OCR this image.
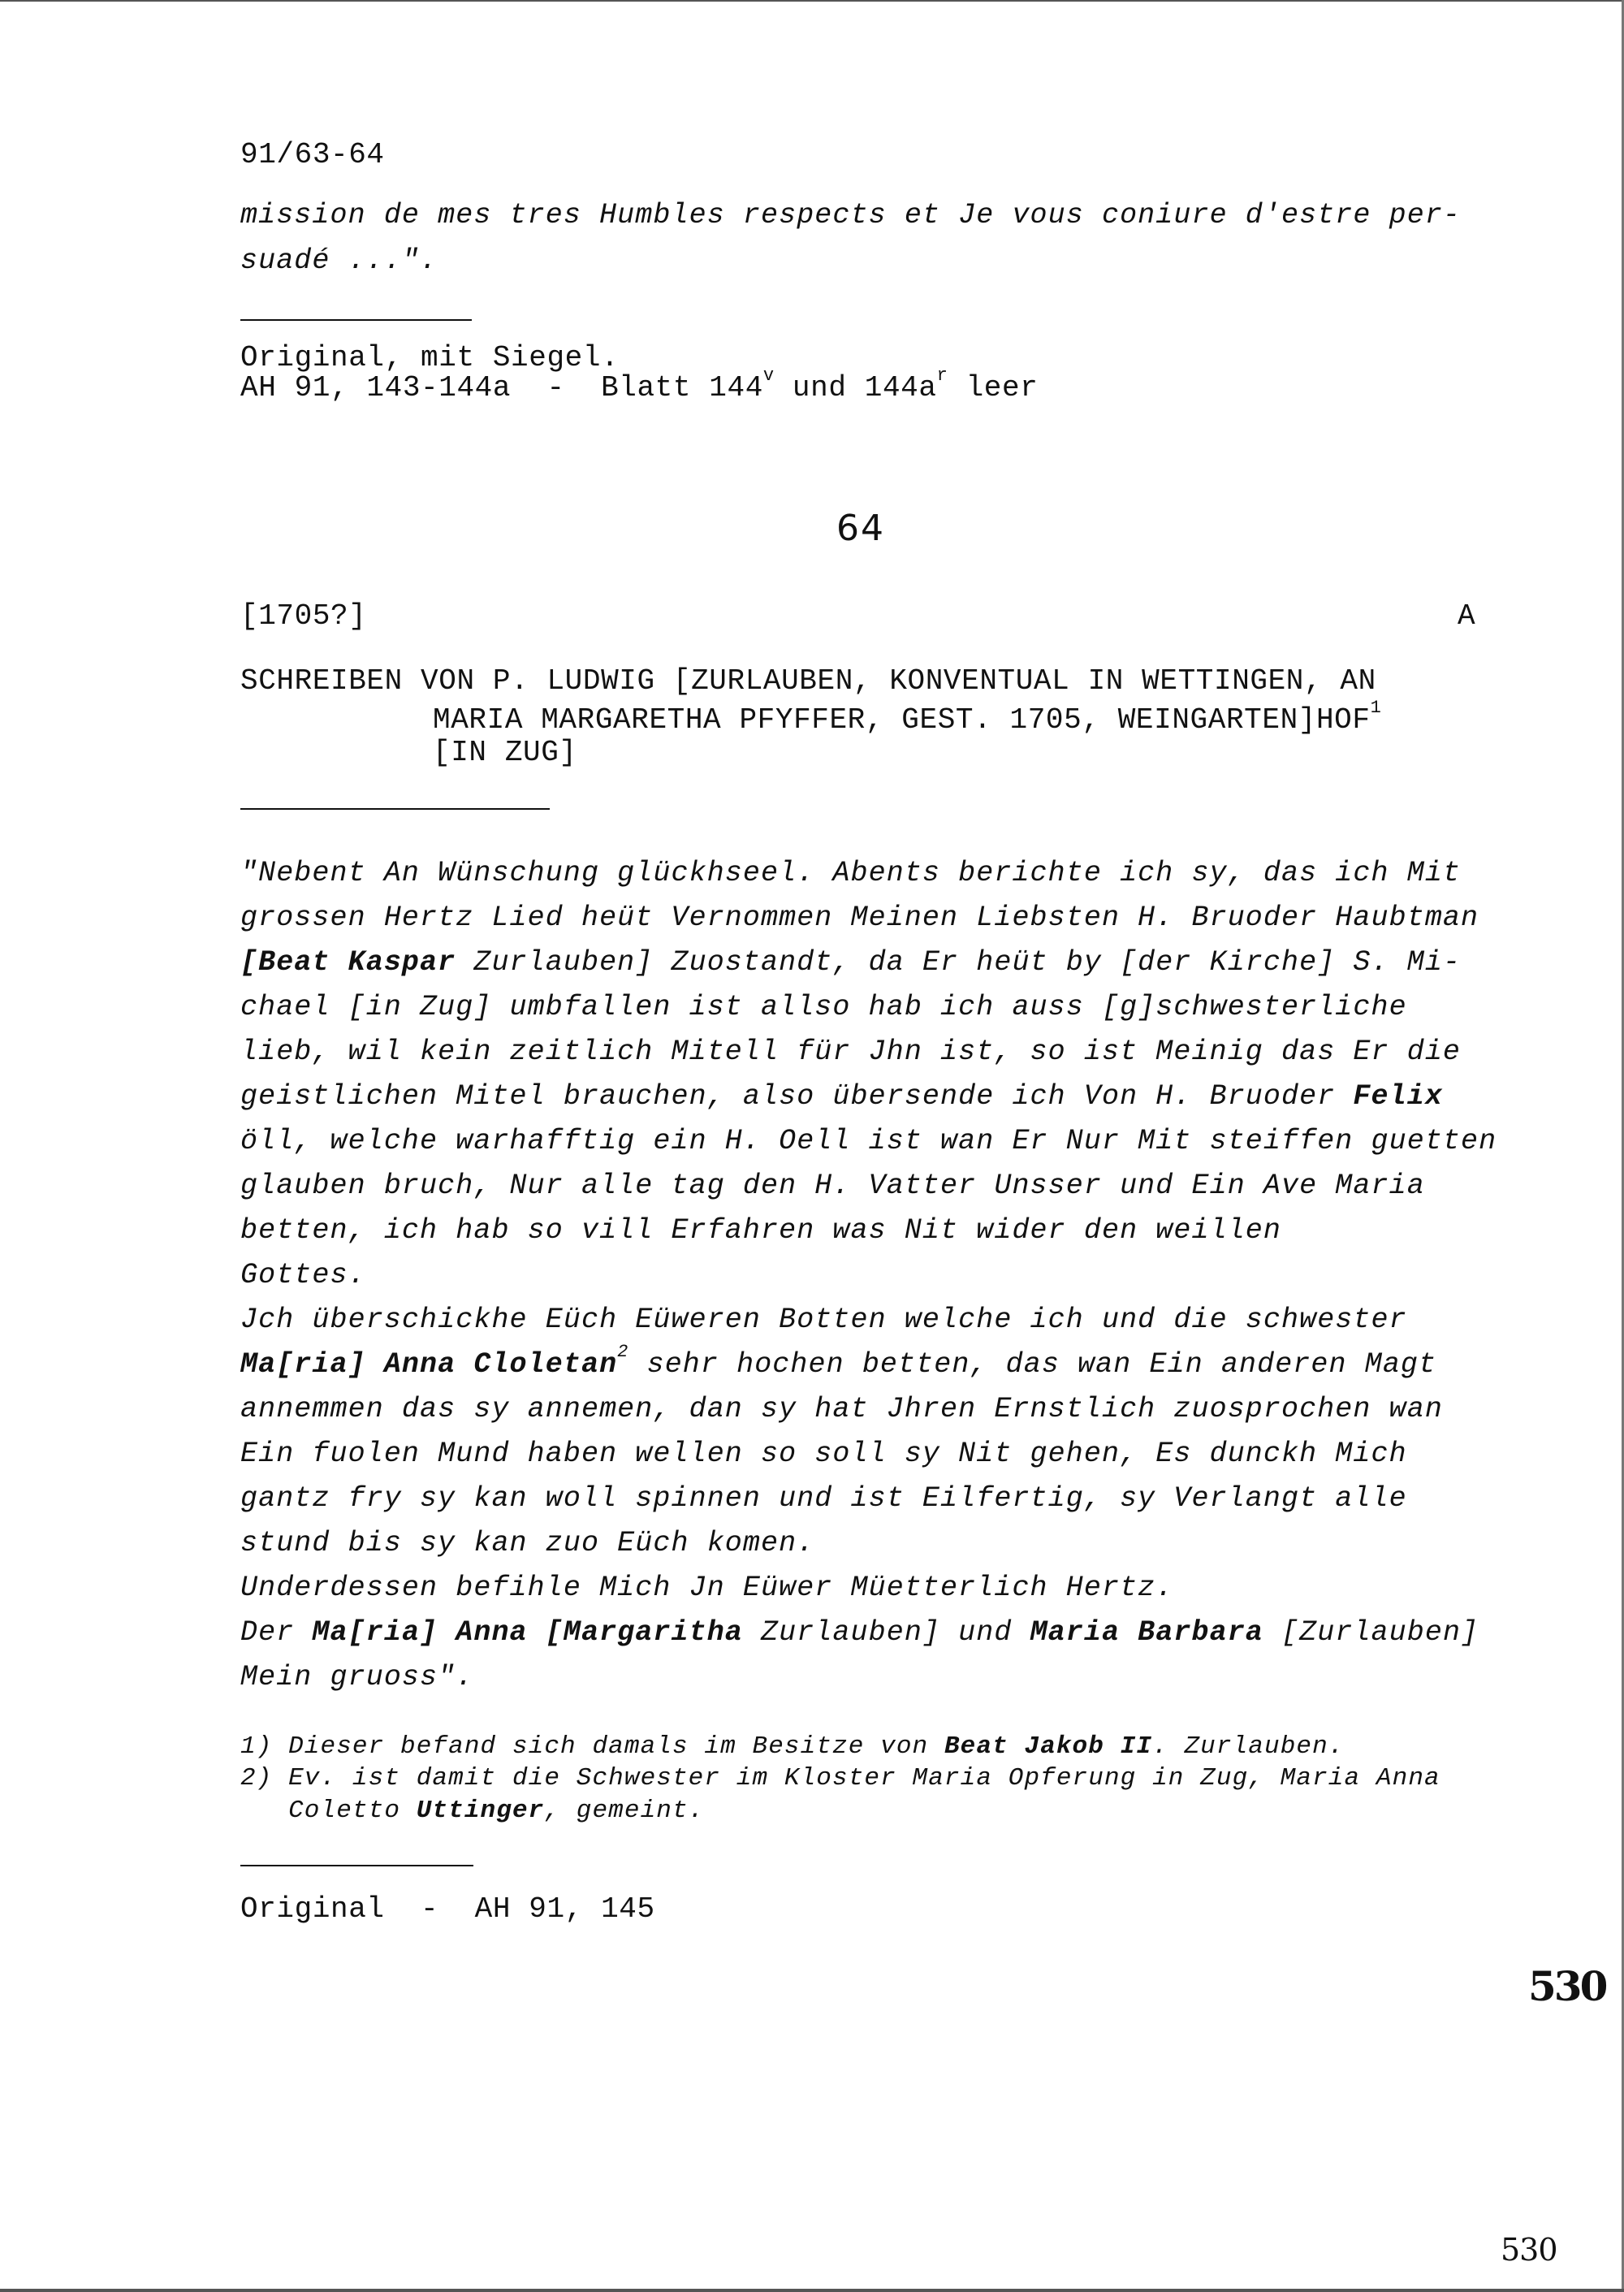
91/63-64
mission de mes tres Humbles respects et Je vous coniure d'estre per-
suadé ...".
Original, mit Siegel.
AH 91, 143-144a  -  Blatt 144$^v$ und $144a^r$ leer
64
[1705?]	A
SCHREIBEN VON P. LUDWIG [ZURLAUBEN, KONVENTUAL IN WETTINGEN, AN
MARIA MARGARETHA PFYFFER, GEST. 1705, WEINGARTEN]HOF$^1$
[IN ZUG]
"Nebent An Wünschung glückhseel. Abents berichte ich sy, das ich Mit
grossen Hertz Lied heüt Vernommen Meinen Liebsten H. Bruoder Haubtman
[Beat Kaspar Zurlauben] Zuostandt, da Er heüt by [der Kirche] S. Mi-
chael [in Zug] umbfallen ist allso hab ich auss [g]schwesterliche
lieb, wil kein zeitlich Mitell für Jhn ist, so ist Meinig das Er die
geistlichen Mitel brauchen, also übersende ich Von H. Bruoder Felix
öll, welche warhafftig ein H. Oell ist wan Er Nur Mit steiffen guetten
glauben bruch, Nur alle tag den H. Vatter Unsser und Ein Ave Maria
betten, ich hab so vill Erfahren was Nit wider den weillen
Gottes.
Jch überschickhe Eüch Eüweren Botten welche ich und die schwester
Ma[ria] Anna Cloletan$^2$ sehr hochen betten, das wan Ein anderen Magt
annemmen das sy annemen, dan sy hat Jhren Ernstlich zuosprochen wan
Ein fuolen Mund haben wellen so soll sy Nit gehen, Es dunckh Mich
gantz fry sy kan woll spinnen und ist Eilfertig, sy Verlangt alle
stund bis sy kan zuo Eüch komen.
Underdessen befihle Mich Jn Eüwer Müetterlich Hertz.
Der Ma[ria] Anna [Margaritha Zurlauben] und Maria Barbara [Zurlauben]
Mein gruoss".
1) Dieser befand sich damals im Besitze von Beat Jakob II. Zurlauben.
2) Ev. ist damit die Schwester im Kloster Maria Opferung in Zug, Maria Anna
Coletto Uttinger, gemeint.
Original  -  AH 91, 145
530
530
